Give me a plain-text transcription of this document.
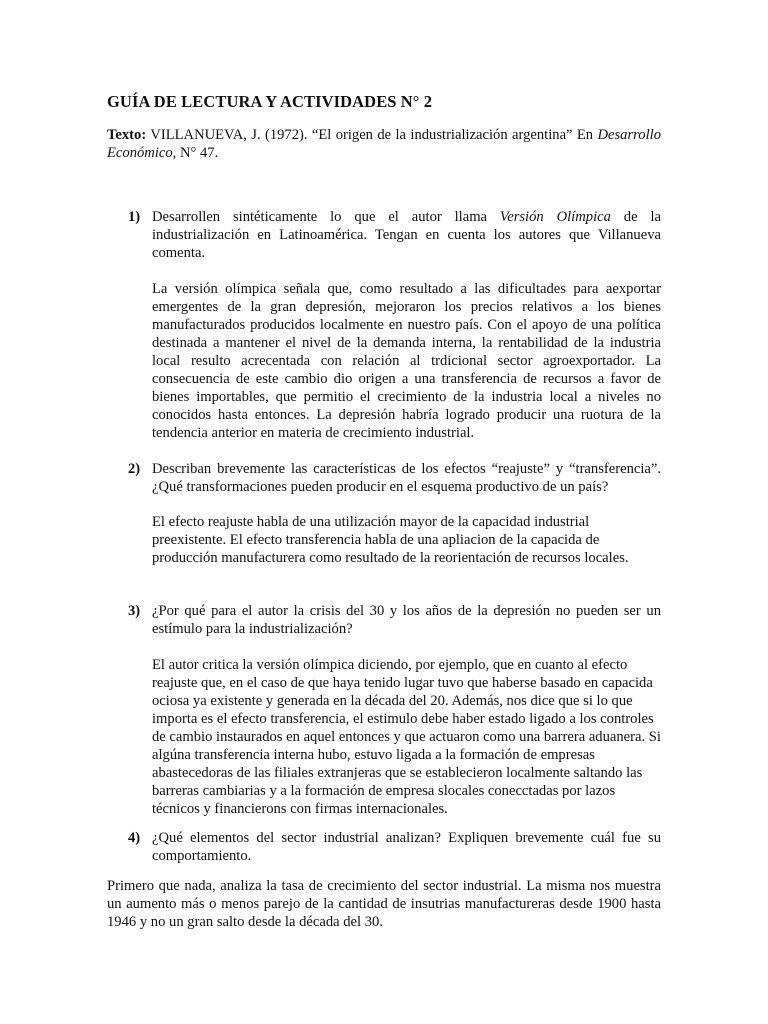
GUÍA DE LECTURA Y ACTIVIDADES N° 2

Texto: VILLANUEVA, J. (1972). “El origen de la industrialización argentina” En Desarrollo Económico, N° 47.

1) Desarrollen sintéticamente lo que el autor llama Versión Olímpica de la industrialización en Latinoamérica. Tengan en cuenta los autores que Villanueva comenta.

La versión olímpica señala que, como resultado a las dificultades para aexportar emergentes de la gran depresión, mejoraron los precios relativos a los bienes manufacturados producidos localmente en nuestro país. Con el apoyo de una política destinada a mantener el nivel de la demanda interna, la rentabilidad de la industria local resulto acrecentada con relación al trdicional sector agroexportador. La consecuencia de este cambio dio origen a una transferencia de recursos a favor de bienes importables, que permitio el crecimiento de la industria local a niveles no conocidos hasta entonces. La depresión habría logrado producir una ruotura de la tendencia anterior en materia de crecimiento industrial.

2) Describan brevemente las características de los efectos “reajuste” y “transferencia”. ¿Qué transformaciones pueden producir en el esquema productivo de un país?

El efecto reajuste habla de una utilización mayor de la capacidad industrial preexistente. El efecto transferencia habla de una apliacion de la capacida de producción manufacturera como resultado de la reorientación de recursos locales.

3) ¿Por qué para el autor la crisis del 30 y los años de la depresión no pueden ser un estímulo para la industrialización?

El autor critica la versión olímpica diciendo, por ejemplo, que en cuanto al efecto reajuste que, en el caso de que haya tenido lugar tuvo que haberse basado en capacida ociosa ya existente y generada en la década del 20. Además, nos dice que si lo que importa es el efecto transferencia, el estimulo debe haber estado ligado a los controles de cambio instaurados en aquel entonces y que actuaron como una barrera aduanera. Si algúna transferencia interna hubo, estuvo ligada a la formación de empresas abastecedoras de las filiales extranjeras que se establecieron localmente saltando las barreras cambiarias y a la formación de empresa slocales conecctadas por lazos técnicos y financierons con firmas internacionales.

4) ¿Qué elementos del sector industrial analizan? Expliquen brevemente cuál fue su comportamiento.

Primero que nada, analiza la tasa de crecimiento del sector industrial. La misma nos muestra un aumento más o menos parejo de la cantidad de insutrias manufactureras desde 1900 hasta 1946 y no un gran salto desde la década del 30.
